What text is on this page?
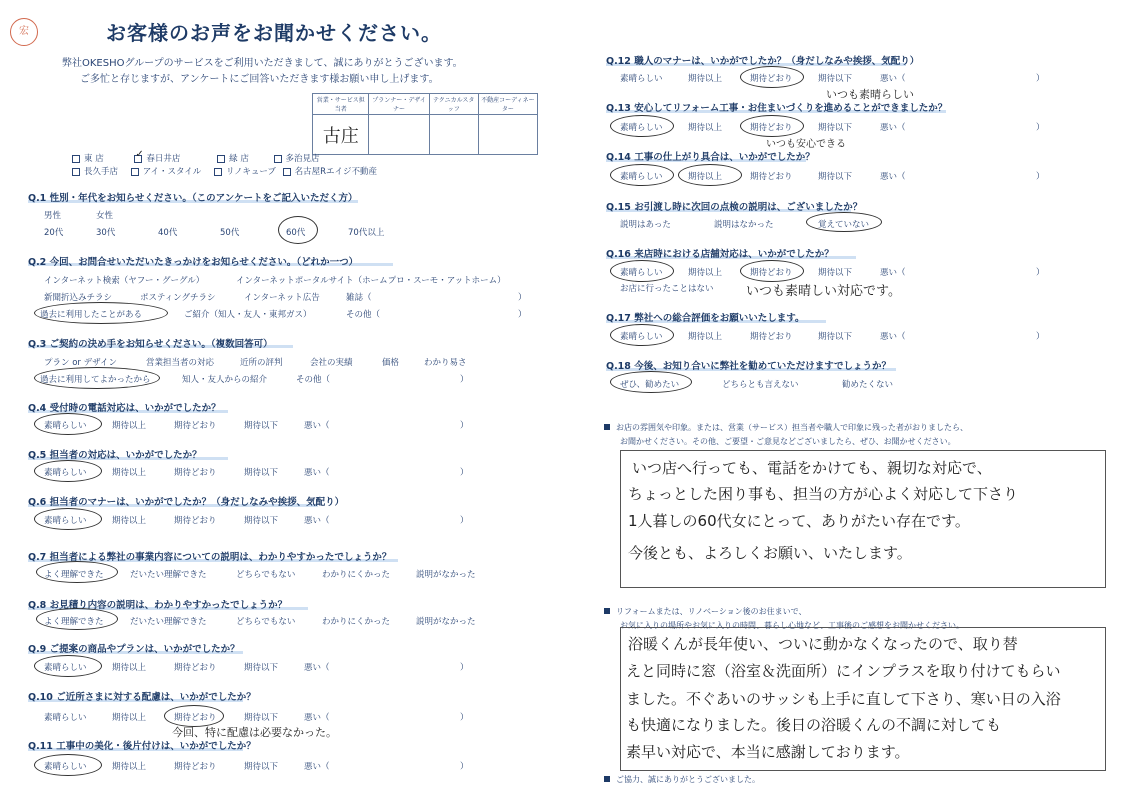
宏	お客様のお声をお聞かせください。
弊社OKESHOグループのサービスをご利用いただきまして、誠にありがとうございます。
ご多忙と存じますが、アンケートにご回答いただきます様お願い申し上げます。
営業・サービス担当者	プランナー・デザイナー	テクニカルスタッフ	不動産コーディネーター
古庄			
東 店	✓ 春日井店	緑 店	多治見店
長久手店	アイ・スタイル	リノキューブ 名古屋Rエイジ不動産
Q.1 性別・年代をお知らせください。（このアンケートをご記入いただく方）
男性	女性
20代	30代	40代	50代	60代	70代以上
Q.2 今回、お問合せいただいたきっかけをお知らせください。（どれか一つ）
インターネット検索（ヤフー・グーグル）	インターネットポータルサイト（ホームプロ・スーモ・アットホーム）
新聞折込みチラシ	ポスティングチラシ	インターネット広告	雑誌（	）
過去に利用したことがある	ご紹介（知人・友人・東邦ガス）	その他（	）
Q.3 ご契約の決め手をお知らせください。（複数回答可）
プラン or デザイン	営業担当者の対応	近所の評判	会社の実績	価格	わかり易さ
過去に利用してよかったから	知人・友人からの紹介	その他（	）
Q.4 受付時の電話対応は、いかがでしたか？
素晴らしい	期待以上	期待どおり	期待以下	悪い（	）
Q.5 担当者の対応は、いかがでしたか？
素晴らしい	期待以上	期待どおり	期待以下	悪い（	）
Q.6 担当者のマナーは、いかがでしたか？（身だしなみや挨拶、気配り）
素晴らしい	期待以上	期待どおり	期待以下	悪い（	）
Q.9 ご提案の商品やプランは、いかがでしたか？
素晴らしい	期待以上	期待どおり	期待以下	悪い（	）
Q.10 ご近所さまに対する配慮は、いかがでしたか？
素晴らしい	期待以上	期待どおり	期待以下	悪い（	）
Q.11 工事中の美化・後片付けは、いかがでしたか？
素晴らしい	期待以上	期待どおり	期待以下	悪い（	）
Q.7 担当者による弊社の事業内容についての説明は、わかりやすかったでしょうか？
よく理解できた	だいたい理解できた	どちらでもない	わかりにくかった	説明がなかった
Q.8 お見積り内容の説明は、わかりやすかったでしょうか？
よく理解できた	だいたい理解できた	どちらでもない	わかりにくかった	説明がなかった
今回、特に配慮は必要なかった。
Q.12 職人のマナーは、いかがでしたか？（身だしなみや挨拶、気配り）
素晴らしい	期待以上	期待どおり	期待以下	悪い（	）
Q.13 安心してリフォーム工事・お住まいづくりを進めることができましたか？
素晴らしい	期待以上	期待どおり	期待以下	悪い（	）
Q.14 工事の仕上がり具合は、いかがでしたか？
素晴らしい	期待以上	期待どおり	期待以下	悪い（	）
Q.16 来店時における店舗対応は、いかがでしたか？
素晴らしい	期待以上	期待どおり	期待以下	悪い（	）
Q.17 弊社への総合評価をお願いいたします。
素晴らしい	期待以上	期待どおり	期待以下	悪い（	）
いつも素晴らしい
いつも安心できる
Q.15 お引渡し時に次回の点検の説明は、ございましたか？
説明はあった	説明はなかった	覚えていない
お店に行ったことはない いつも素晴しい対応です。
Q.18 今後、お知り合いに弊社を勧めていただけますでしょうか？
ぜひ、勧めたい	どちらとも言えない	勧めたくない
お店の雰囲気や印象。または、営業（サービス）担当者や職人で印象に残った者がおりましたら、
お聞かせください。その他、ご要望・ご意見などございましたら、ぜひ、お聞かせください。
いつ店へ行っても、電話をかけても、親切な対応で、
ちょっとした困り事も、担当の方が心よく対応して下さり
1人暮しの60代女にとって、ありがたい存在です。
今後とも、よろしくお願い、いたします。
リフォームまたは、リノベーション後のお住まいで、
お気に入りの場所やお気に入りの時間、暮らし心地など、工事後のご感想をお聞かせください。
浴暖くんが長年使い、ついに動かなくなったので、取り替
えと同時に窓（浴室＆洗面所）にインプラスを取り付けてもらい
ました。不ぐあいのサッシも上手に直して下さり、寒い日の入浴
も快適になりました。後日の浴暖くんの不調に対しても
素早い対応で、本当に感謝しております。
ご協力、誠にありがとうございました。
